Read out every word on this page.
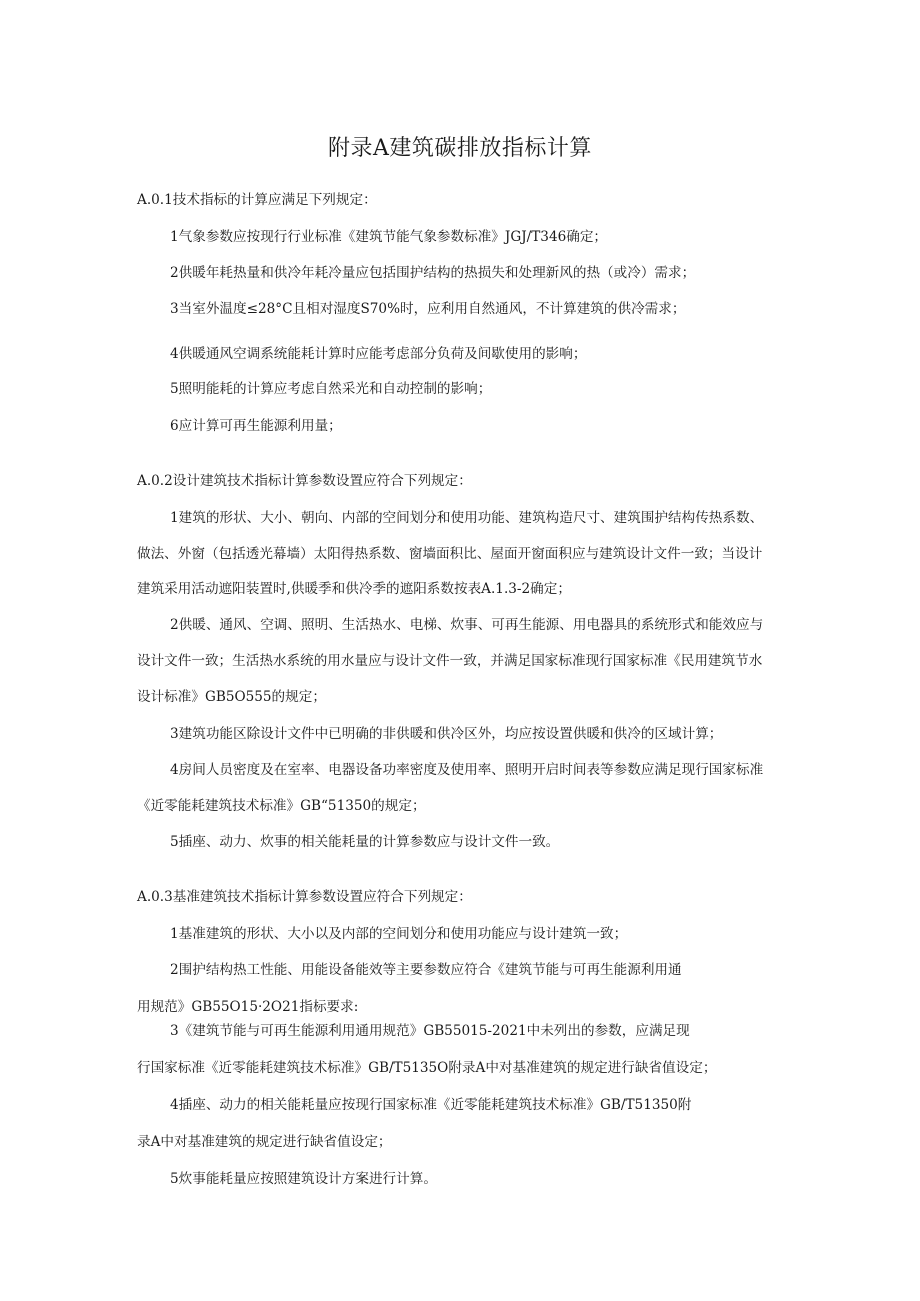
附录A建筑碳排放指标计算
A.0.1技术指标的计算应满足下列规定：
1气象参数应按现行行业标准《建筑节能气象参数标准》JGJ/T346确定；
2供暖年耗热量和供冷年耗冷量应包括围护结构的热损失和处理新风的热（或冷）需求；
3当室外温度≤28°C且相对湿度S70%时，应利用自然通风，不计算建筑的供冷需求；
4供暖通风空调系统能耗计算时应能考虑部分负荷及间歇使用的影响；
5照明能耗的计算应考虑自然采光和自动控制的影响；
6应计算可再生能源利用量；
A.0.2设计建筑技术指标计算参数设置应符合下列规定：
1建筑的形状、大小、朝向、内部的空间划分和使用功能、建筑构造尺寸、建筑围护结构传热系数、
做法、外窗（包括透光幕墙）太阳得热系数、窗墙面积比、屋面开窗面积应与建筑设计文件一致；当设计
建筑采用活动遮阳装置时,供暖季和供冷季的遮阳系数按表A.1.3-2确定；
2供暖、通风、空调、照明、生活热水、电梯、炊事、可再生能源、用电器具的系统形式和能效应与
设计文件一致；生活热水系统的用水量应与设计文件一致，并满足国家标准现行国家标准《民用建筑节水
设计标准》GB5O555的规定；
3建筑功能区除设计文件中已明确的非供暖和供冷区外，均应按设置供暖和供冷的区域计算；
4房间人员密度及在室率、电器设备功率密度及使用率、照明开启时间表等参数应满足现行国家标准
《近零能耗建筑技术标准》GB“51350的规定；
5插座、动力、炊事的相关能耗量的计算参数应与设计文件一致。
A.0.3基准建筑技术指标计算参数设置应符合下列规定：
1基准建筑的形状、大小以及内部的空间划分和使用功能应与设计建筑一致；
2围护结构热工性能、用能设备能效等主要参数应符合《建筑节能与可再生能源利用通
用规范》GB55O15·2O21指标要求:
3《建筑节能与可再生能源利用通用规范》GB55015-2021中未列出的参数，应满足现
行国家标准《近零能耗建筑技术标准》GB/T5135O附录A中对基准建筑的规定进行缺省值设定；
4插座、动力的相关能耗量应按现行国家标准《近零能耗建筑技术标准》GB/T51350附
录A中对基准建筑的规定进行缺省值设定；
5炊事能耗量应按照建筑设计方案进行计算。
